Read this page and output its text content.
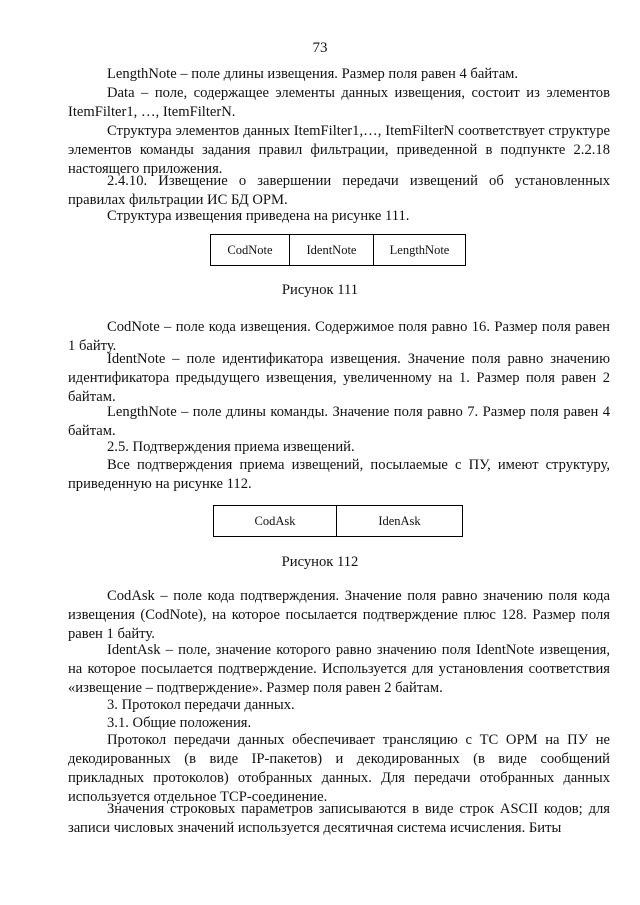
73

LengthNote – поле длины извещения. Размер поля равен 4 байтам.

Data – поле, содержащее элементы данных извещения, состоит из элементов ItemFilter1, …, ItemFilterN.

Структура элементов данных ItemFilter1,…, ItemFilterN соответствует структуре элементов команды задания правил фильтрации, приведенной в подпункте 2.2.18 настоящего приложения.

2.4.10. Извещение о завершении передачи извещений об установленных правилах фильтрации ИС БД ОРМ.

Структура извещения приведена на рисунке 111.

CodNote	IdentNote	LengthNote
Рисунок 111

CodNote – поле кода извещения. Содержимое поля равно 16. Размер поля равен 1 байту.

IdentNote – поле идентификатора извещения. Значение поля равно значению идентификатора предыдущего извещения, увеличенному на 1. Размер поля равен 2 байтам.

LengthNote – поле длины команды. Значение поля равно 7. Размер поля равен 4 байтам.

2.5. Подтверждения приема извещений.

Все подтверждения приема извещений, посылаемые с ПУ, имеют структуру, приведенную на рисунке 112.

CodAsk	IdenAsk
Рисунок 112

CodAsk – поле кода подтверждения. Значение поля равно значению поля кода извещения (CodNote), на которое посылается подтверждение плюс 128. Размер поля равен 1 байту.

IdentAsk – поле, значение которого равно значению поля IdentNote извещения, на которое посылается подтверждение. Используется для установления соответствия «извещение – подтверждение». Размер поля равен 2 байтам.

3. Протокол передачи данных.

3.1. Общие положения.

Протокол передачи данных обеспечивает трансляцию с ТС ОРМ на ПУ не декодированных (в виде IP-пакетов) и декодированных (в виде сообщений прикладных протоколов) отобранных данных. Для передачи отобранных данных используется отдельное TCP-соединение.

Значения строковых параметров записываются в виде строк ASCII кодов; для записи числовых значений используется десятичная система исчисления. Биты
